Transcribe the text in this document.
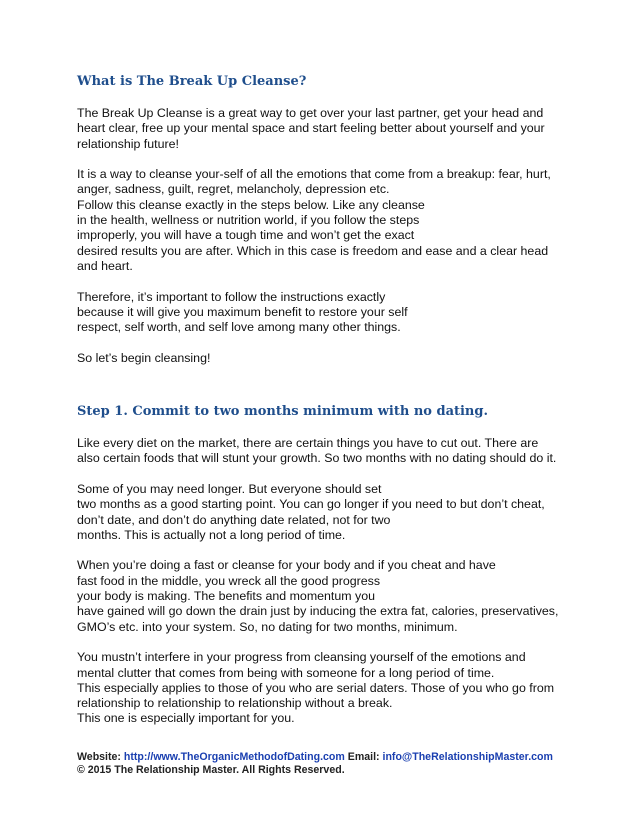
What is The Break Up Cleanse?
The Break Up Cleanse is a great way to get over your last partner, get your head and
heart clear, free up your mental space and start feeling better about yourself and your
relationship future!
It is a way to cleanse your-self of all the emotions that come from a breakup: fear, hurt,
anger, sadness, guilt, regret, melancholy, depression etc.
Follow this cleanse exactly in the steps below. Like any cleanse
in the health, wellness or nutrition world, if you follow the steps
improperly, you will have a tough time and won’t get the exact
desired results you are after. Which in this case is freedom and ease and a clear head
and heart.
Therefore, it’s important to follow the instructions exactly
because it will give you maximum benefit to restore your self
respect, self worth, and self love among many other things.
So let’s begin cleansing!
Step 1. Commit to two months minimum with no dating.
Like every diet on the market, there are certain things you have to cut out. There are
also certain foods that will stunt your growth. So two months with no dating should do it.
Some of you may need longer. But everyone should set
two months as a good starting point. You can go longer if you need to but don’t cheat,
don’t date, and don’t do anything date related, not for two
months. This is actually not a long period of time.
When you’re doing a fast or cleanse for your body and if you cheat and have
fast food in the middle, you wreck all the good progress
your body is making. The benefits and momentum you
have gained will go down the drain just by inducing the extra fat, calories, preservatives,
GMO’s etc. into your system. So, no dating for two months, minimum.
You mustn’t interfere in your progress from cleansing yourself of the emotions and
mental clutter that comes from being with someone for a long period of time.
This especially applies to those of you who are serial daters. Those of you who go from
relationship to relationship to relationship without a break.
This one is especially important for you.
Website: http://www.TheOrganicMethodofDating.com Email: info@TheRelationshipMaster.com
© 2015 The Relationship Master. All Rights Reserved.
